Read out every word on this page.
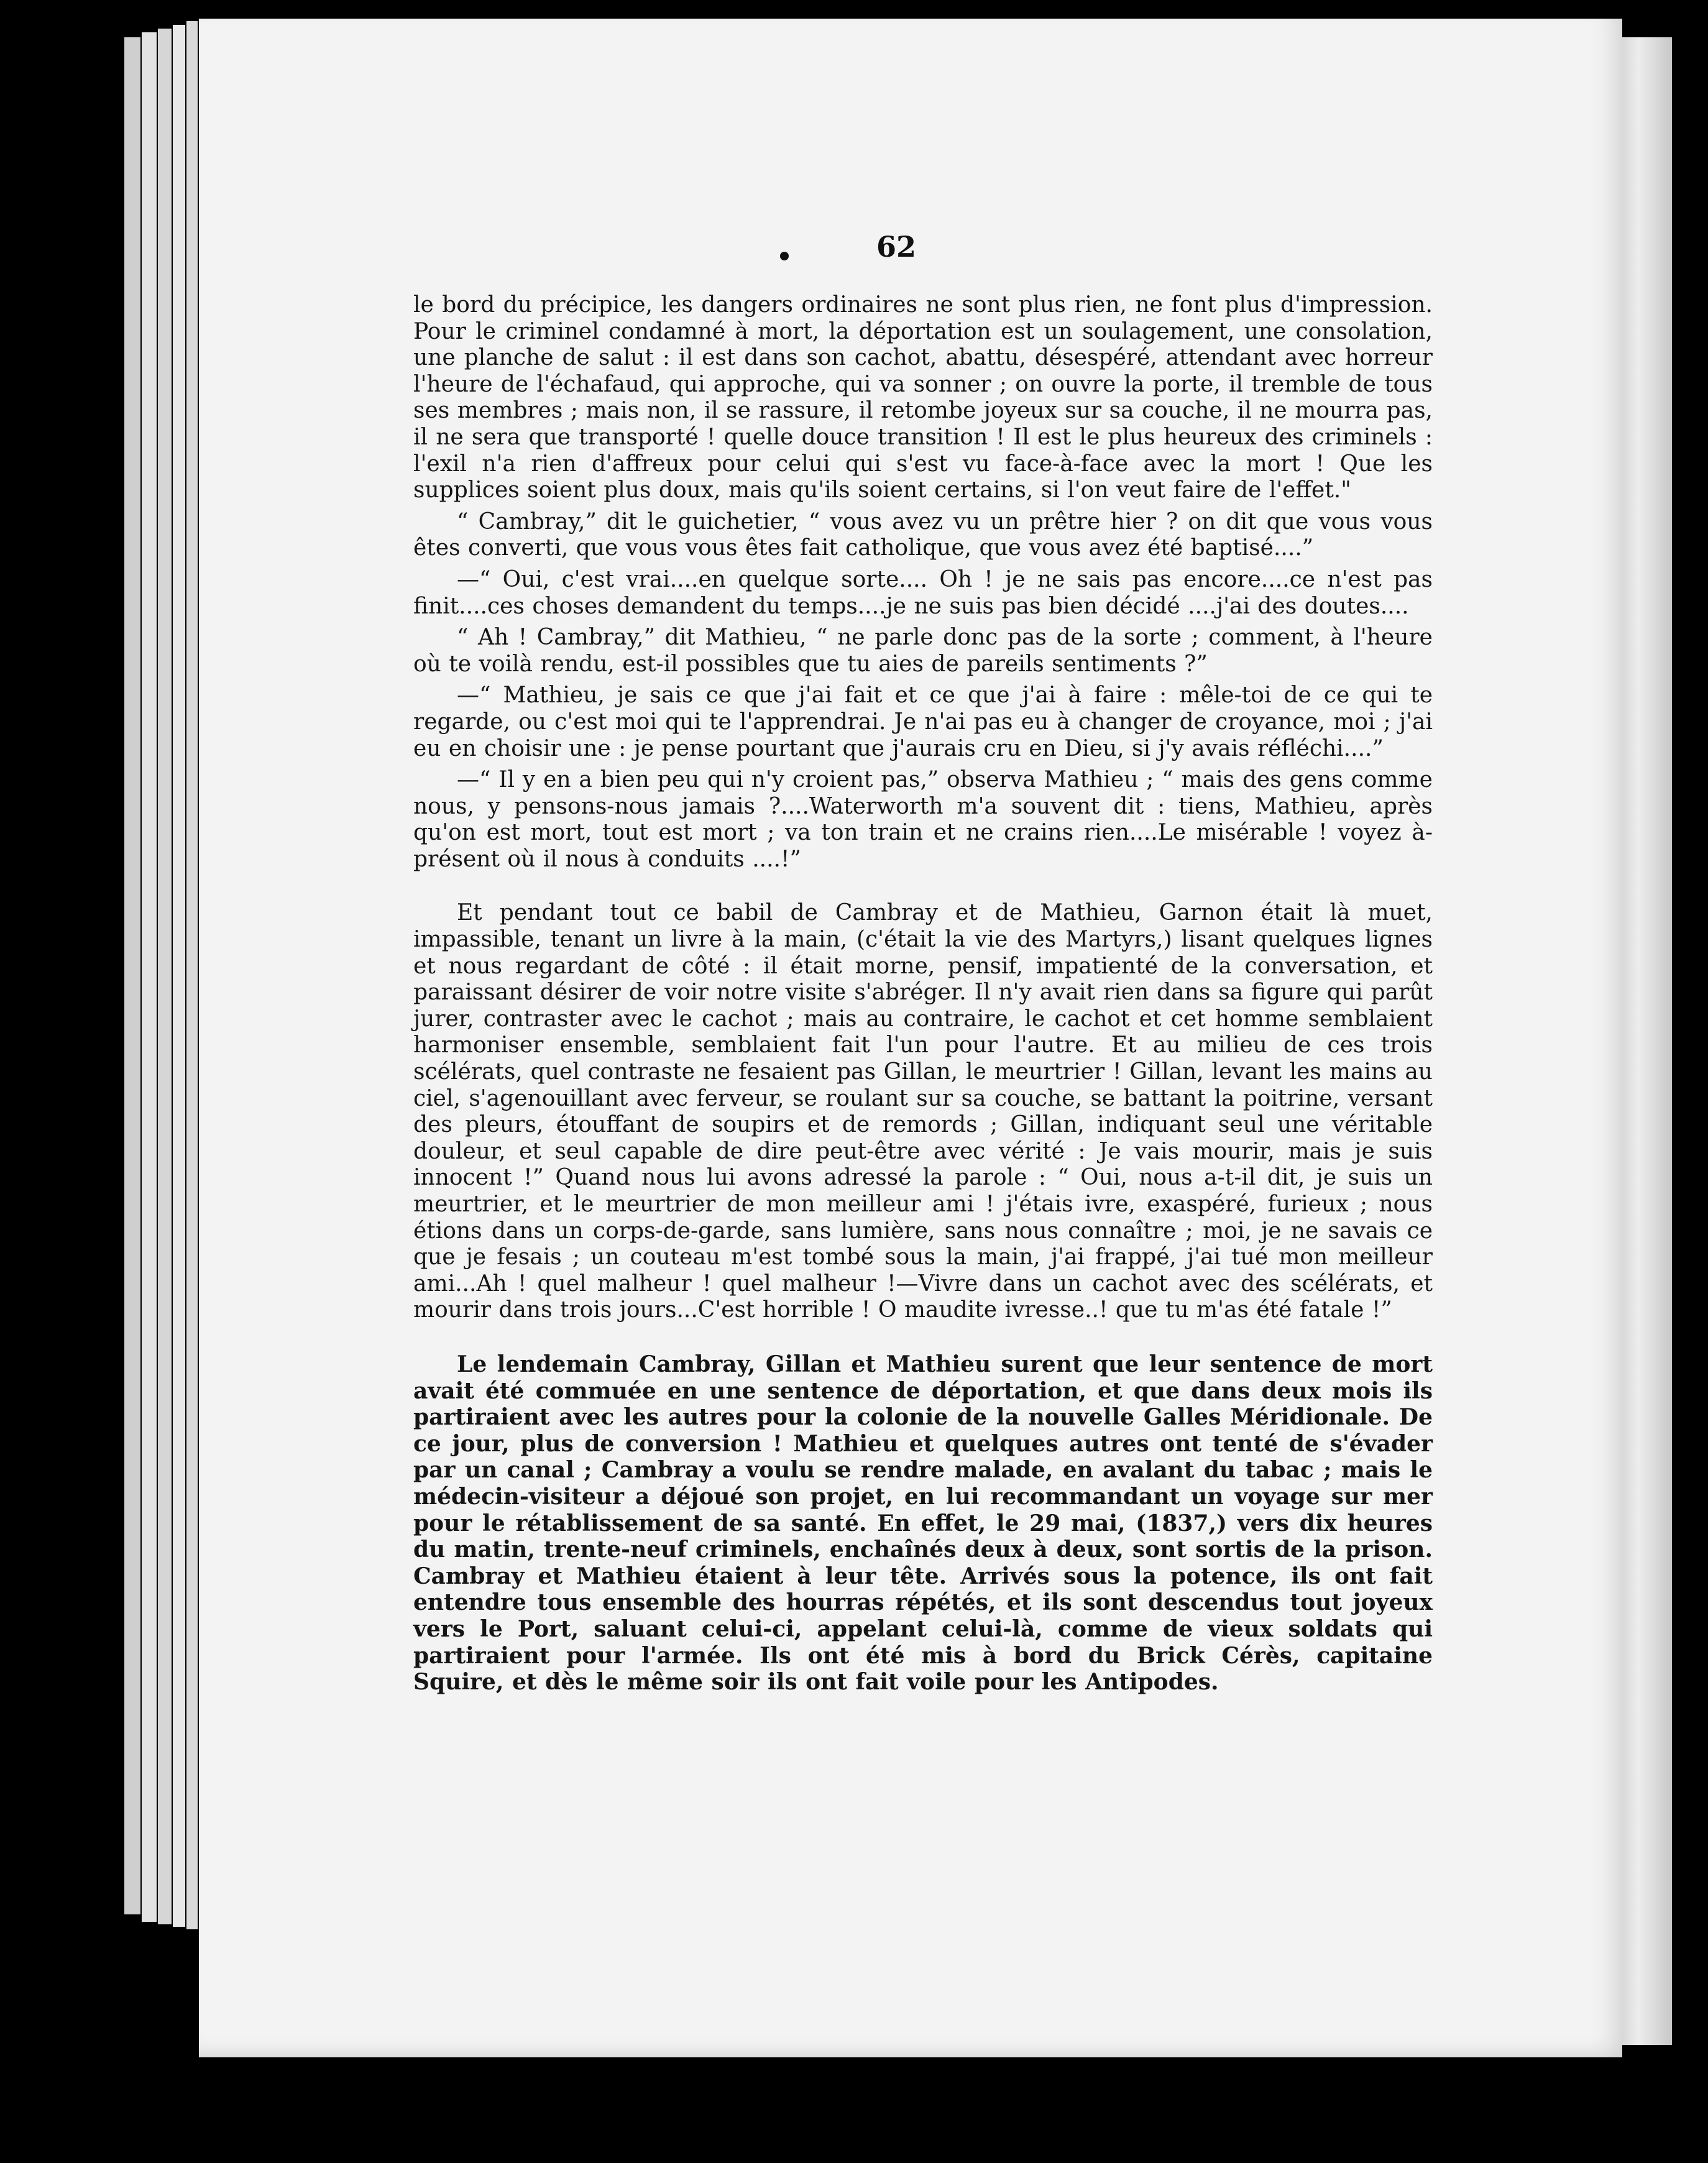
62

le bord du précipice, les dangers ordinaires ne sont plus rien, ne font plus d'impression. Pour le criminel condamné à mort, la déportation est un soulagement, une consolation, une planche de salut : il est dans son cachot, abattu, désespéré, attendant avec horreur l'heure de l'échafaud, qui approche, qui va sonner ; on ouvre la porte, il tremble de tous ses membres ; mais non, il se rassure, il retombe joyeux sur sa couche, il ne mourra pas, il ne sera que transporté ! quelle douce transition ! Il est le plus heureux des criminels : l'exil n'a rien d'affreux pour celui qui s'est vu face-à-face avec la mort ! Que les supplices soient plus doux, mais qu'ils soient certains, si l'on veut faire de l'effet."

“ Cambray,” dit le guichetier, “ vous avez vu un prêtre hier ? on dit que vous vous êtes converti, que vous vous êtes fait catholique, que vous avez été baptisé....”

—“ Oui, c'est vrai....en quelque sorte.... Oh ! je ne sais pas encore....ce n'est pas finit....ces choses demandent du temps....je ne suis pas bien décidé ....j'ai des doutes....

“ Ah ! Cambray,” dit Mathieu, “ ne parle donc pas de la sorte ; comment, à l'heure où te voilà rendu, est-il possibles que tu aies de pareils sentiments ?”

—“ Mathieu, je sais ce que j'ai fait et ce que j'ai à faire : mêle-toi de ce qui te regarde, ou c'est moi qui te l'apprendrai. Je n'ai pas eu à changer de croyance, moi ; j'ai eu en choisir une : je pense pourtant que j'aurais cru en Dieu, si j'y avais réfléchi....”

—“ Il y en a bien peu qui n'y croient pas,” observa Mathieu ; “ mais des gens comme nous, y pensons-nous jamais ?....Waterworth m'a souvent dit : tiens, Mathieu, après qu'on est mort, tout est mort ; va ton train et ne crains rien....Le misérable ! voyez à-présent où il nous à conduits ....!”

Et pendant tout ce babil de Cambray et de Mathieu, Garnon était là muet, impassible, tenant un livre à la main, (c'était la vie des Martyrs,) lisant quelques lignes et nous regardant de côté : il était morne, pensif, impatienté de la conversation, et paraissant désirer de voir notre visite s'abréger. Il n'y avait rien dans sa figure qui parût jurer, contraster avec le cachot ; mais au contraire, le cachot et cet homme semblaient harmoniser ensemble, semblaient fait l'un pour l'autre. Et au milieu de ces trois scélérats, quel contraste ne fesaient pas Gillan, le meurtrier ! Gillan, levant les mains au ciel, s'agenouillant avec ferveur, se roulant sur sa couche, se battant la poitrine, versant des pleurs, étouffant de soupirs et de remords ; Gillan, indiquant seul une véritable douleur, et seul capable de dire peut-être avec vérité : Je vais mourir, mais je suis innocent !” Quand nous lui avons adressé la parole : “ Oui, nous a-t-il dit, je suis un meurtrier, et le meurtrier de mon meilleur ami ! j'étais ivre, exaspéré, furieux ; nous étions dans un corps-de-garde, sans lumière, sans nous connaître ; moi, je ne savais ce que je fesais ; un couteau m'est tombé sous la main, j'ai frappé, j'ai tué mon meilleur ami...Ah ! quel malheur ! quel malheur !—Vivre dans un cachot avec des scélérats, et mourir dans trois jours...C'est horrible ! O maudite ivresse..! que tu m'as été fatale !”

Le lendemain Cambray, Gillan et Mathieu surent que leur sentence de mort avait été commuée en une sentence de déportation, et que dans deux mois ils partiraient avec les autres pour la colonie de la nouvelle Galles Méridionale. De ce jour, plus de conversion ! Mathieu et quelques autres ont tenté de s'évader par un canal ; Cambray a voulu se rendre malade, en avalant du tabac ; mais le médecin-visiteur a déjoué son projet, en lui recommandant un voyage sur mer pour le rétablissement de sa santé. En effet, le 29 mai, (1837,) vers dix heures du matin, trente-neuf criminels, enchaînés deux à deux, sont sortis de la prison. Cambray et Mathieu étaient à leur tête. Arrivés sous la potence, ils ont fait entendre tous ensemble des hourras répétés, et ils sont descendus tout joyeux vers le Port, saluant celui-ci, appelant celui-là, comme de vieux soldats qui partiraient pour l'armée. Ils ont été mis à bord du Brick Cérès, capitaine Squire, et dès le même soir ils ont fait voile pour les Antipodes.
